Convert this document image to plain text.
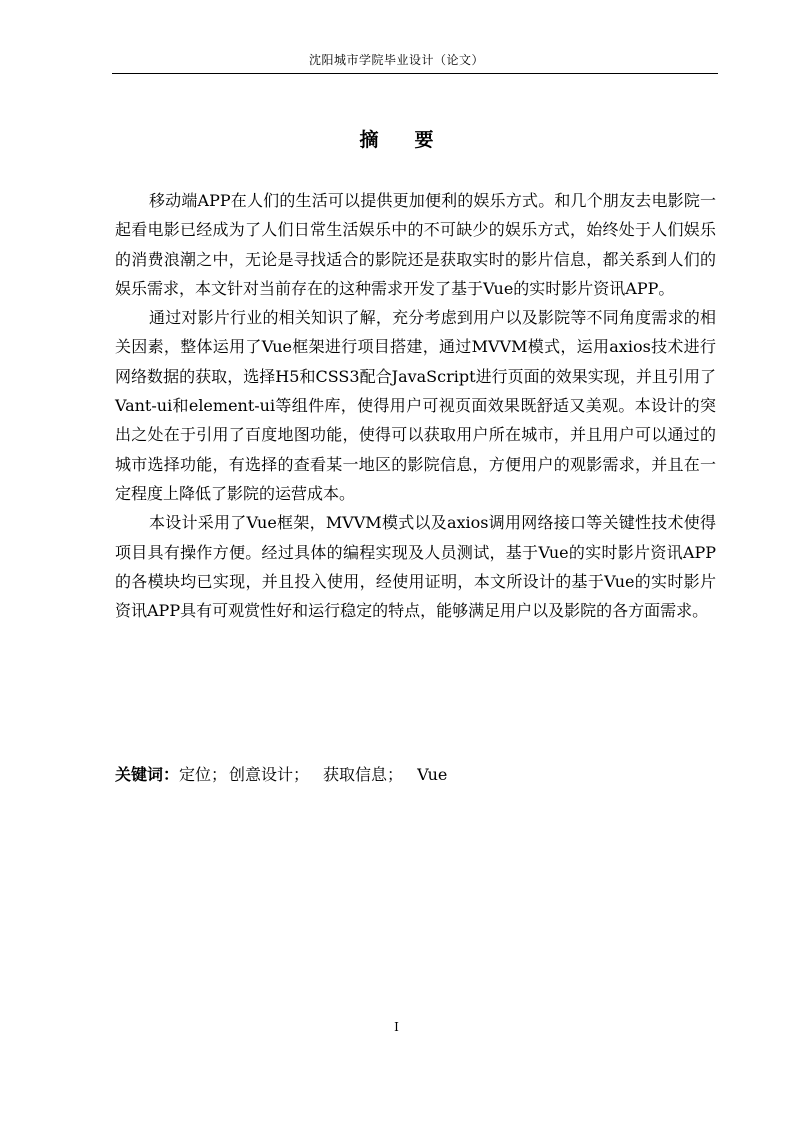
沈阳城市学院毕业设计（论文）
摘 要

移动端APP在人们的生活可以提供更加便利的娱乐方式。和几个朋友去电影院一起看电影已经成为了人们日常生活娱乐中的不可缺少的娱乐方式，始终处于人们娱乐的消费浪潮之中，无论是寻找适合的影院还是获取实时的影片信息，都关系到人们的娱乐需求，本文针对当前存在的这种需求开发了基于Vue的实时影片资讯APP。

通过对影片行业的相关知识了解，充分考虑到用户以及影院等不同角度需求的相关因素，整体运用了Vue框架进行项目搭建，通过MVVM模式，运用axios技术进行网络数据的获取，选择H5和CSS3配合JavaScript进行页面的效果实现，并且引用了Vant-ui和element-ui等组件库，使得用户可视页面效果既舒适又美观。本设计的突出之处在于引用了百度地图功能，使得可以获取用户所在城市，并且用户可以通过的城市选择功能，有选择的查看某一地区的影院信息，方便用户的观影需求，并且在一定程度上降低了影院的运营成本。

本设计采用了Vue框架，MVVM模式以及axios调用网络接口等关键性技术使得项目具有操作方便。经过具体的编程实现及人员测试，基于Vue的实时影片资讯APP的各模块均已实现，并且投入使用，经使用证明，本文所设计的基于Vue的实时影片资讯APP具有可观赏性好和运行稳定的特点，能够满足用户以及影院的各方面需求。

关键词：定位； 创意设计； 获取信息； Vue
I
